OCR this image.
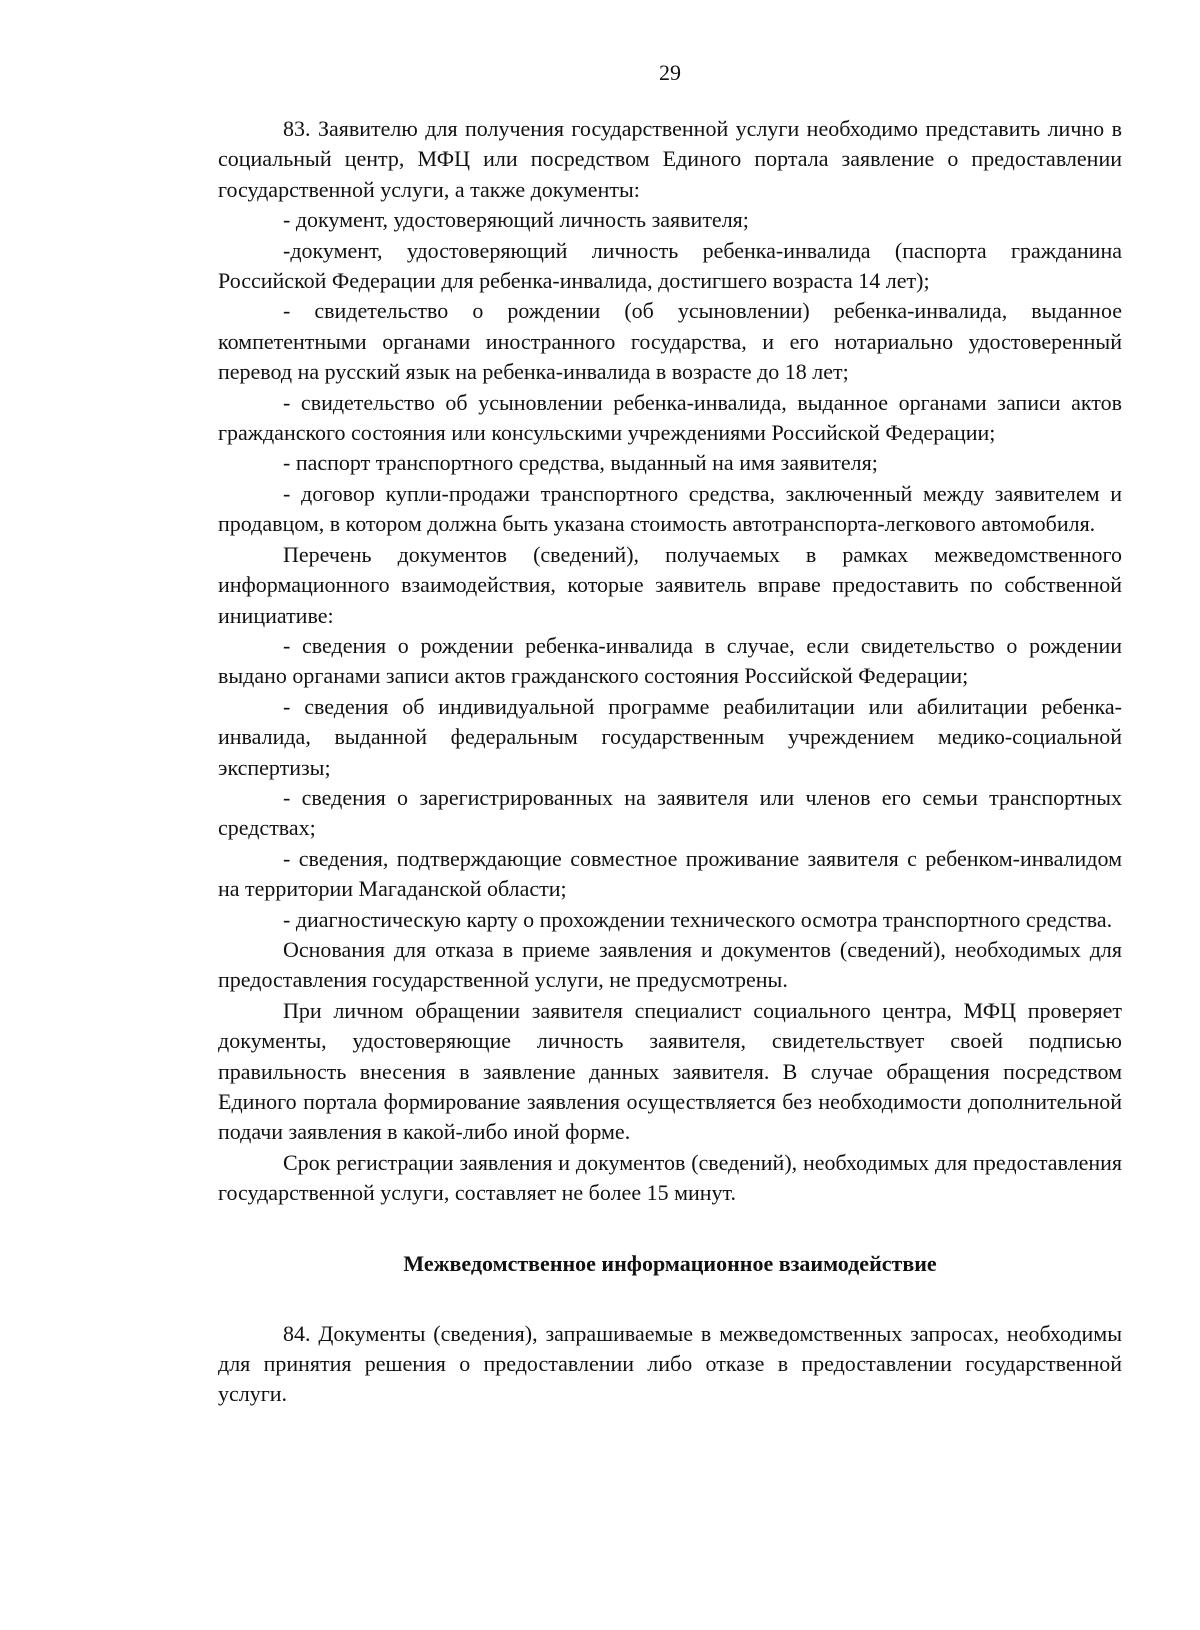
29

83. Заявителю для получения государственной услуги необходимо представить лично в социальный центр, МФЦ или посредством Единого портала заявление о предоставлении государственной услуги, а также документы:

- документ, удостоверяющий личность заявителя;

-документ, удостоверяющий личность ребенка-инвалида (паспорта гражданина Российской Федерации для ребенка-инвалида, достигшего возраста 14 лет);

- свидетельство о рождении (об усыновлении) ребенка-инвалида, выданное компетентными органами иностранного государства, и его нотариально удостоверенный перевод на русский язык на ребенка-инвалида в возрасте до 18 лет;

- свидетельство об усыновлении ребенка-инвалида, выданное органами записи актов гражданского состояния или консульскими учреждениями Российской Федерации;

- паспорт транспортного средства, выданный на имя заявителя;

- договор купли-продажи транспортного средства, заключенный между заявителем и продавцом, в котором должна быть указана стоимость автотранспорта-легкового автомобиля.

Перечень документов (сведений), получаемых в рамках межведомственного информационного взаимодействия, которые заявитель вправе предоставить по собственной инициативе:

- сведения о рождении ребенка-инвалида в случае, если свидетельство о рождении выдано органами записи актов гражданского состояния Российской Федерации;

- сведения об индивидуальной программе реабилитации или абилитации ребенка-инвалида, выданной федеральным государственным учреждением медико-социальной экспертизы;

- сведения о зарегистрированных на заявителя или членов его семьи транспортных средствах;

- сведения, подтверждающие совместное проживание заявителя с ребенком-инвалидом на территории Магаданской области;

- диагностическую карту о прохождении технического осмотра транспортного средства.

Основания для отказа в приеме заявления и документов (сведений), необходимых для предоставления государственной услуги, не предусмотрены.

При личном обращении заявителя специалист социального центра, МФЦ проверяет документы, удостоверяющие личность заявителя, свидетельствует своей подписью правильность внесения в заявление данных заявителя. В случае обращения посредством Единого портала формирование заявления осуществляется без необходимости дополнительной подачи заявления в какой-либо иной форме.

Срок регистрации заявления и документов (сведений), необходимых для предоставления государственной услуги, составляет не более 15 минут.

Межведомственное информационное взаимодействие

84. Документы (сведения), запрашиваемые в межведомственных запросах, необходимы для принятия решения о предоставлении либо отказе в предоставлении государственной услуги.
